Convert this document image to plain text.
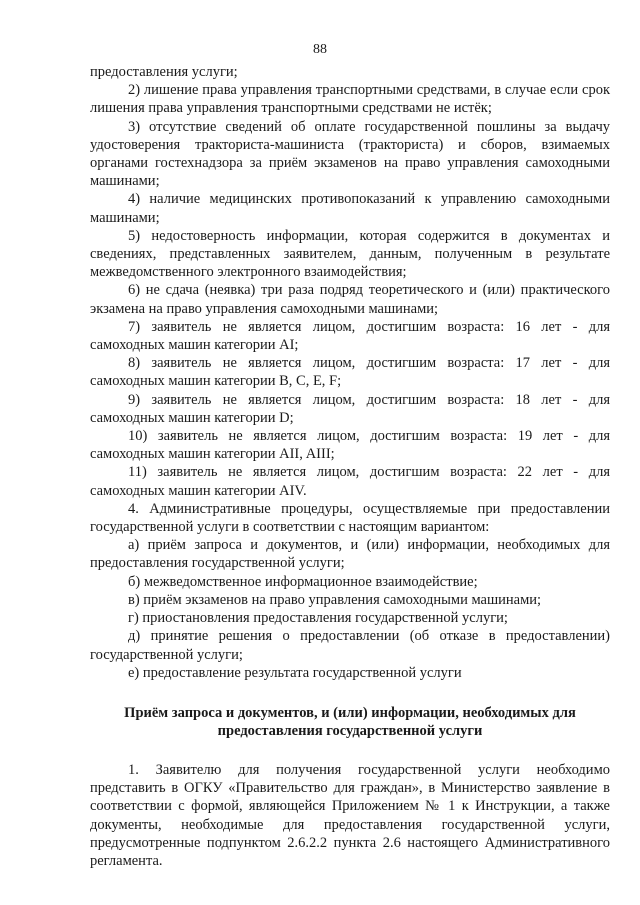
88

предоставления услуги;

2) лишение права управления транспортными средствами, в случае если срок лишения права управления транспортными средствами не истёк;

3) отсутствие сведений об оплате государственной пошлины за выдачу удостоверения тракториста-машиниста (тракториста) и сборов, взимаемых органами гостехнадзора за приём экзаменов на право управления самоходными машинами;

4) наличие медицинских противопоказаний к управлению самоходными машинами;

5) недостоверность информации, которая содержится в документах и сведениях, представленных заявителем, данным, полученным в результате межведомственного электронного взаимодействия;

6) не сдача (неявка) три раза подряд теоретического и (или) практического экзамена на право управления самоходными машинами;

7) заявитель не является лицом, достигшим возраста: 16 лет - для самоходных машин категории AI;

8) заявитель не является лицом, достигшим возраста: 17 лет - для самоходных машин категории B, C, E, F;

9) заявитель не является лицом, достигшим возраста: 18 лет - для самоходных машин категории D;

10) заявитель не является лицом, достигшим возраста: 19 лет - для самоходных машин категории AII, AIII;

11) заявитель не является лицом, достигшим возраста: 22 лет - для самоходных машин категории AIV.

4. Административные процедуры, осуществляемые при предоставлении государственной услуги в соответствии с настоящим вариантом:

а) приём запроса и документов, и (или) информации, необходимых для предоставления государственной услуги;

б) межведомственное информационное взаимодействие;

в) приём экзаменов на право управления самоходными машинами;

г) приостановления предоставления государственной услуги;

д) принятие решения о предоставлении (об отказе в предоставлении) государственной услуги;

е) предоставление результата государственной услуги

Приём запроса и документов, и (или) информации, необходимых для
предоставления государственной услуги

1. Заявителю для получения государственной услуги необходимо представить в ОГКУ «Правительство для граждан», в Министерство заявление в соответствии с формой, являющейся Приложением № 1 к Инструкции, а также документы, необходимые для предоставления государственной услуги, предусмотренные подпунктом 2.6.2.2 пункта 2.6 настоящего Административного регламента.
